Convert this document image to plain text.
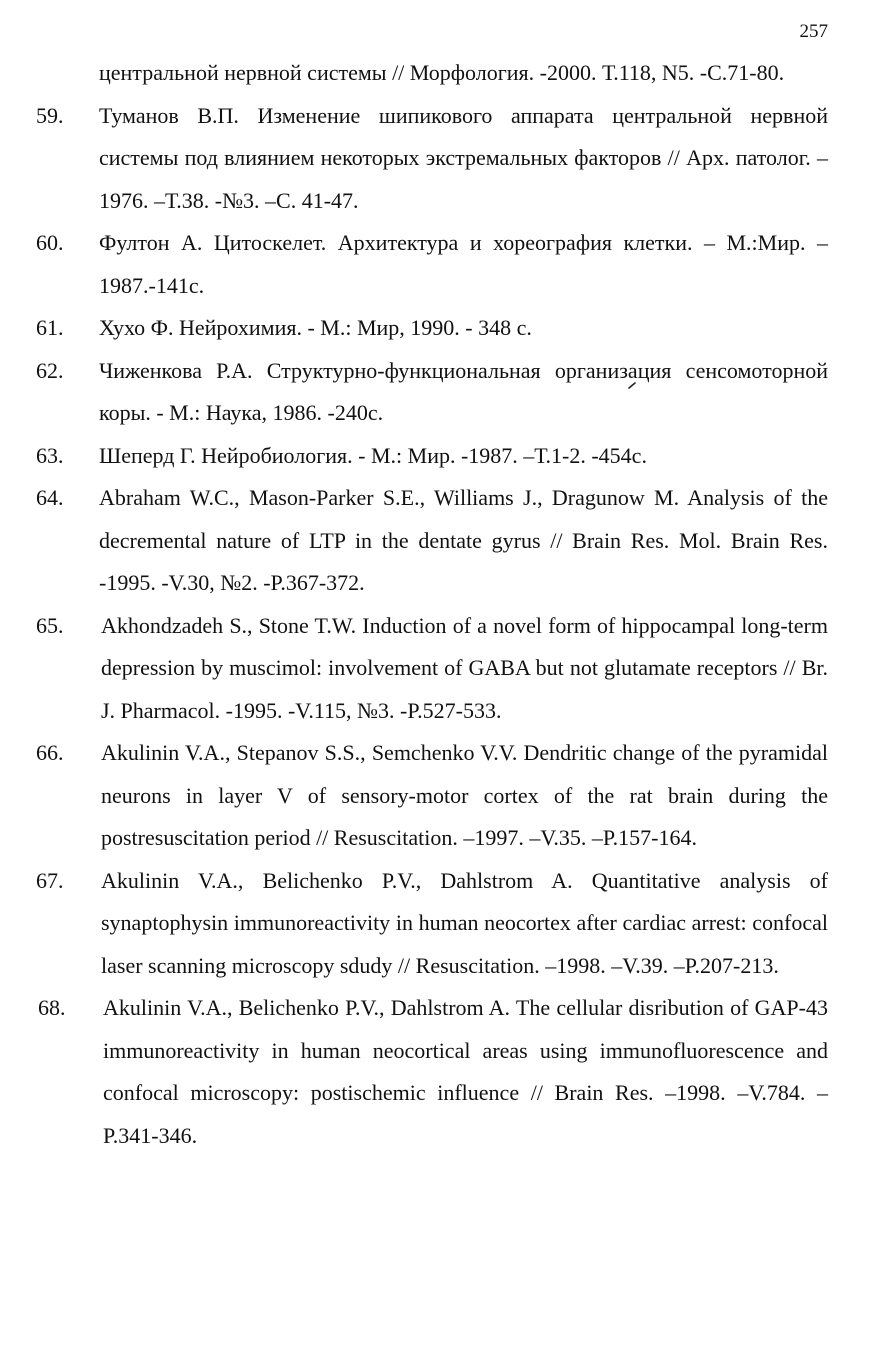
257
центральной нервной системы // Морфология. -2000. Т.118, N5. -С.71-80.
59.	Туманов В.П. Изменение шипикового аппарата центральной нервной системы под влиянием некоторых экстремальных факторов // Арх. патолог. –1976. –Т.38. -№3. –С. 41-47.
60.	Фултон А. Цитоскелет. Архитектура и хореография клетки. – М.:Мир. –1987.-141с.
61.	Хухо Ф. Нейрохимия. - М.: Мир, 1990. - 348 с.
62.	Чиженкова Р.А. Структурно-функциональная организация сенсомоторной коры. - М.: Наука, 1986. -240с.
63.	Шеперд Г. Нейробиология. - М.: Мир. -1987. –Т.1-2. -454с.
64.	Abraham W.C., Mason-Parker S.E., Williams J., Dragunow M. Analysis of the decremental nature of LTP in the dentate gyrus // Brain Res. Mol. Brain Res. -1995. -V.30, №2. -P.367-372.
65.	Akhondzadeh S., Stone T.W. Induction of a novel form of hippocampal long-term depression by muscimol: involvement of GABA but not glutamate receptors // Br. J. Pharmacol. -1995. -V.115, №3. -P.527-533.
66.	Akulinin V.A., Stepanov S.S., Semchenko V.V. Dendritic change of the pyramidal neurons in layer V of sensory-motor cortex of the rat brain during the postresuscitation period // Resuscitation. –1997. –V.35. –P.157-164.
67.	Akulinin V.A., Belichenko P.V., Dahlstrom A. Quantitative analysis of synaptophysin immunoreactivity in human neocortex after cardiac arrest: confocal laser scanning microscopy sdudy // Resuscitation. –1998. –V.39. –P.207-213.
68.	Akulinin V.A., Belichenko P.V., Dahlstrom A. The cellular disribution of GAP-43 immunoreactivity in human neocortical areas using immunofluorescence and confocal microscopy: postischemic influence // Brain Res. –1998. –V.784. –P.341-346.
